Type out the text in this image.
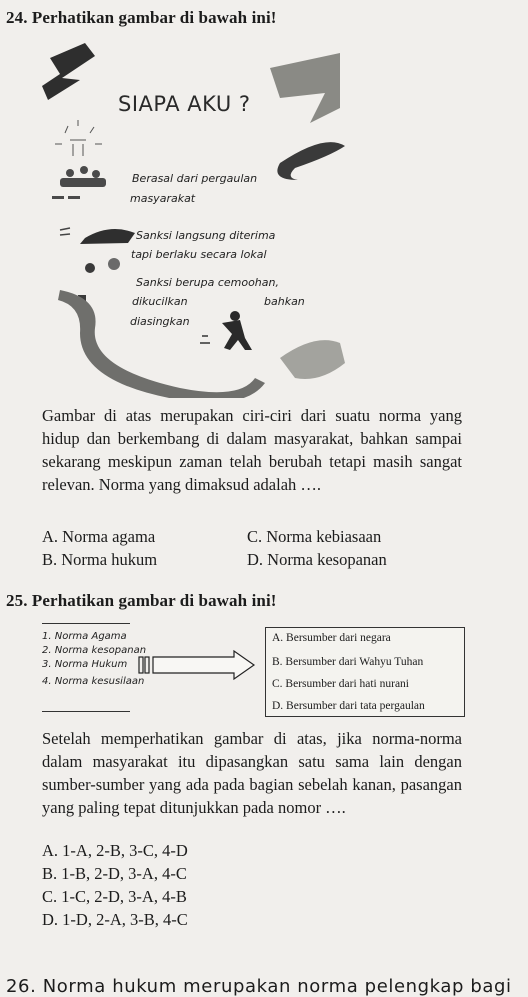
24. Perhatikan gambar di bawah ini!
SIAPA AKU ?
Berasal dari pergaulan
masyarakat
Sanksi langsung diterima
tapi berlaku secara lokal
Sanksi berupa cemoohan,
dikucilkan	bahkan
diasingkan
Gambar di atas merupakan ciri-ciri dari suatu norma yang hidup dan berkembang di dalam masyarakat, bahkan sampai sekarang meskipun zaman telah berubah tetapi masih sangat relevan. Norma yang dimaksud adalah ….
A. Norma agama
B. Norma hukum
C. Norma kebiasaan
D. Norma kesopanan
25. Perhatikan gambar di bawah ini!
1. Norma Agama
2. Norma kesopanan
3. Norma Hukum
4. Norma kesusilaan
A. Bersumber dari negara
B. Bersumber dari Wahyu Tuhan
C. Bersumber dari hati nurani
D. Bersumber dari tata pergaulan
Setelah memperhatikan gambar di atas, jika norma-norma dalam masyarakat itu dipasangkan satu sama lain dengan sumber-sumber yang ada pada bagian sebelah kanan, pasangan yang paling tepat ditunjukkan pada nomor ….
A. 1-A, 2-B, 3-C, 4-D
B. 1-B, 2-D, 3-A, 4-C
C. 1-C, 2-D, 3-A, 4-B
D. 1-D, 2-A, 3-B, 4-C
26. Norma hukum merupakan norma pelengkap bagi
